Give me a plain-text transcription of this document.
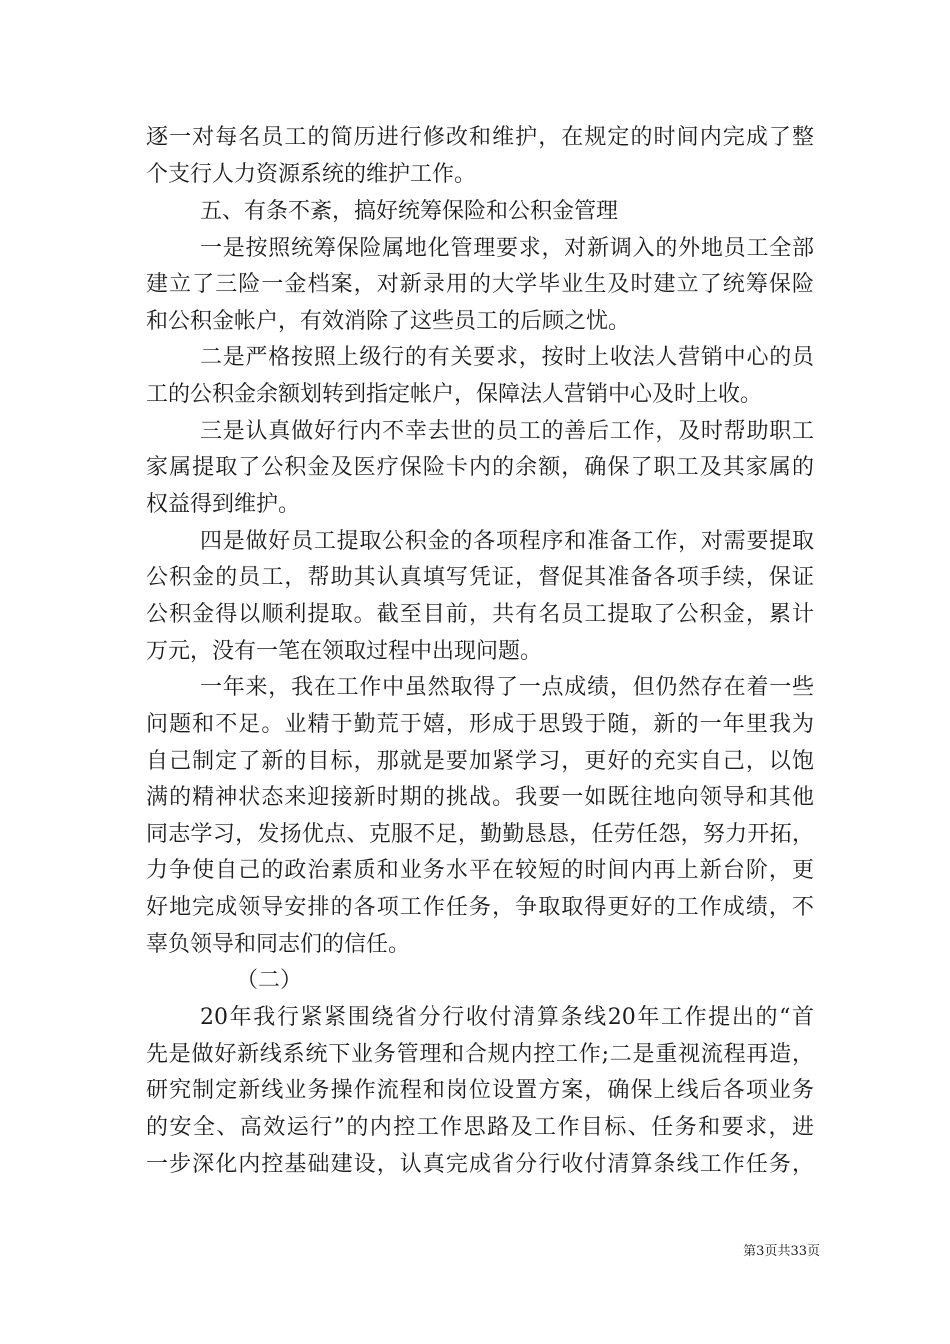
逐一对每名员工的简历进行修改和维护，在规定的时间内完成了整
个支行人力资源系统的维护工作。
五、有条不紊，搞好统筹保险和公积金管理
一是按照统筹保险属地化管理要求，对新调入的外地员工全部
建立了三险一金档案，对新录用的大学毕业生及时建立了统筹保险
和公积金帐户，有效消除了这些员工的后顾之忧。
二是严格按照上级行的有关要求，按时上收法人营销中心的员
工的公积金余额划转到指定帐户，保障法人营销中心及时上收。
三是认真做好行内不幸去世的员工的善后工作，及时帮助职工
家属提取了公积金及医疗保险卡内的余额，确保了职工及其家属的
权益得到维护。
四是做好员工提取公积金的各项程序和准备工作，对需要提取
公积金的员工，帮助其认真填写凭证，督促其准备各项手续，保证
公积金得以顺利提取。截至目前，共有名员工提取了公积金，累计
万元，没有一笔在领取过程中出现问题。
一年来，我在工作中虽然取得了一点成绩，但仍然存在着一些
问题和不足。业精于勤荒于嬉，形成于思毁于随，新的一年里我为
自己制定了新的目标，那就是要加紧学习，更好的充实自己，以饱
满的精神状态来迎接新时期的挑战。我要一如既往地向领导和其他
同志学习，发扬优点、克服不足，勤勤恳恳，任劳任怨，努力开拓，
力争使自己的政治素质和业务水平在较短的时间内再上新台阶，更
好地完成领导安排的各项工作任务，争取取得更好的工作成绩，不
辜负领导和同志们的信任。
（二）
20年我行紧紧围绕省分行收付清算条线20年工作提出的“首
先是做好新线系统下业务管理和合规内控工作;二是重视流程再造，
研究制定新线业务操作流程和岗位设置方案，确保上线后各项业务
的安全、高效运行”的内控工作思路及工作目标、任务和要求，进
一步深化内控基础建设，认真完成省分行收付清算条线工作任务，
第3页共33页
